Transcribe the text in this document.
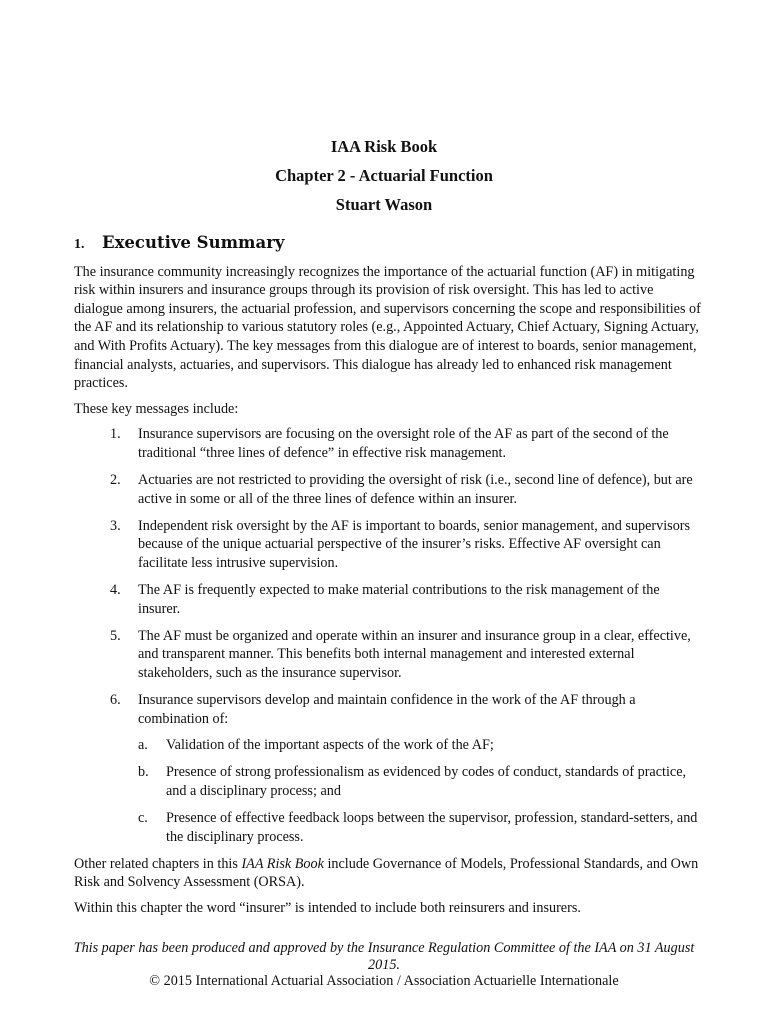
IAA Risk Book
Chapter 2 - Actuarial Function
Stuart Wason
1.	Executive Summary

The insurance community increasingly recognizes the importance of the actuarial function (AF) in mitigating risk within insurers and insurance groups through its provision of risk oversight. This has led to active dialogue among insurers, the actuarial profession, and supervisors concerning the scope and responsibilities of the AF and its relationship to various statutory roles (e.g., Appointed Actuary, Chief Actuary, Signing Actuary, and With Profits Actuary). The key messages from this dialogue are of interest to boards, senior management, financial analysts, actuaries, and supervisors. This dialogue has already led to enhanced risk management practices.

These key messages include:

1.	Insurance supervisors are focusing on the oversight role of the AF as part of the second of the traditional “three lines of defence” in effective risk management.
2.	Actuaries are not restricted to providing the oversight of risk (i.e., second line of defence), but are active in some or all of the three lines of defence within an insurer.
3.	Independent risk oversight by the AF is important to boards, senior management, and supervisors because of the unique actuarial perspective of the insurer’s risks. Effective AF oversight can facilitate less intrusive supervision.
4.	The AF is frequently expected to make material contributions to the risk management of the insurer.
5.	The AF must be organized and operate within an insurer and insurance group in a clear, effective, and transparent manner. This benefits both internal management and interested external stakeholders, such as the insurance supervisor.
6.	Insurance supervisors develop and maintain confidence in the work of the AF through a combination of:
a.	Validation of the important aspects of the work of the AF;
b.	Presence of strong professionalism as evidenced by codes of conduct, standards of practice, and a disciplinary process; and
c.	Presence of effective feedback loops between the supervisor, profession, standard-setters, and the disciplinary process.

Other related chapters in this IAA Risk Book include Governance of Models, Professional Standards, and Own Risk and Solvency Assessment (ORSA).

Within this chapter the word “insurer” is intended to include both reinsurers and insurers.

This paper has been produced and approved by the Insurance Regulation Committee of the IAA on 31 August 2015.
© 2015 International Actuarial Association / Association Actuarielle Internationale
